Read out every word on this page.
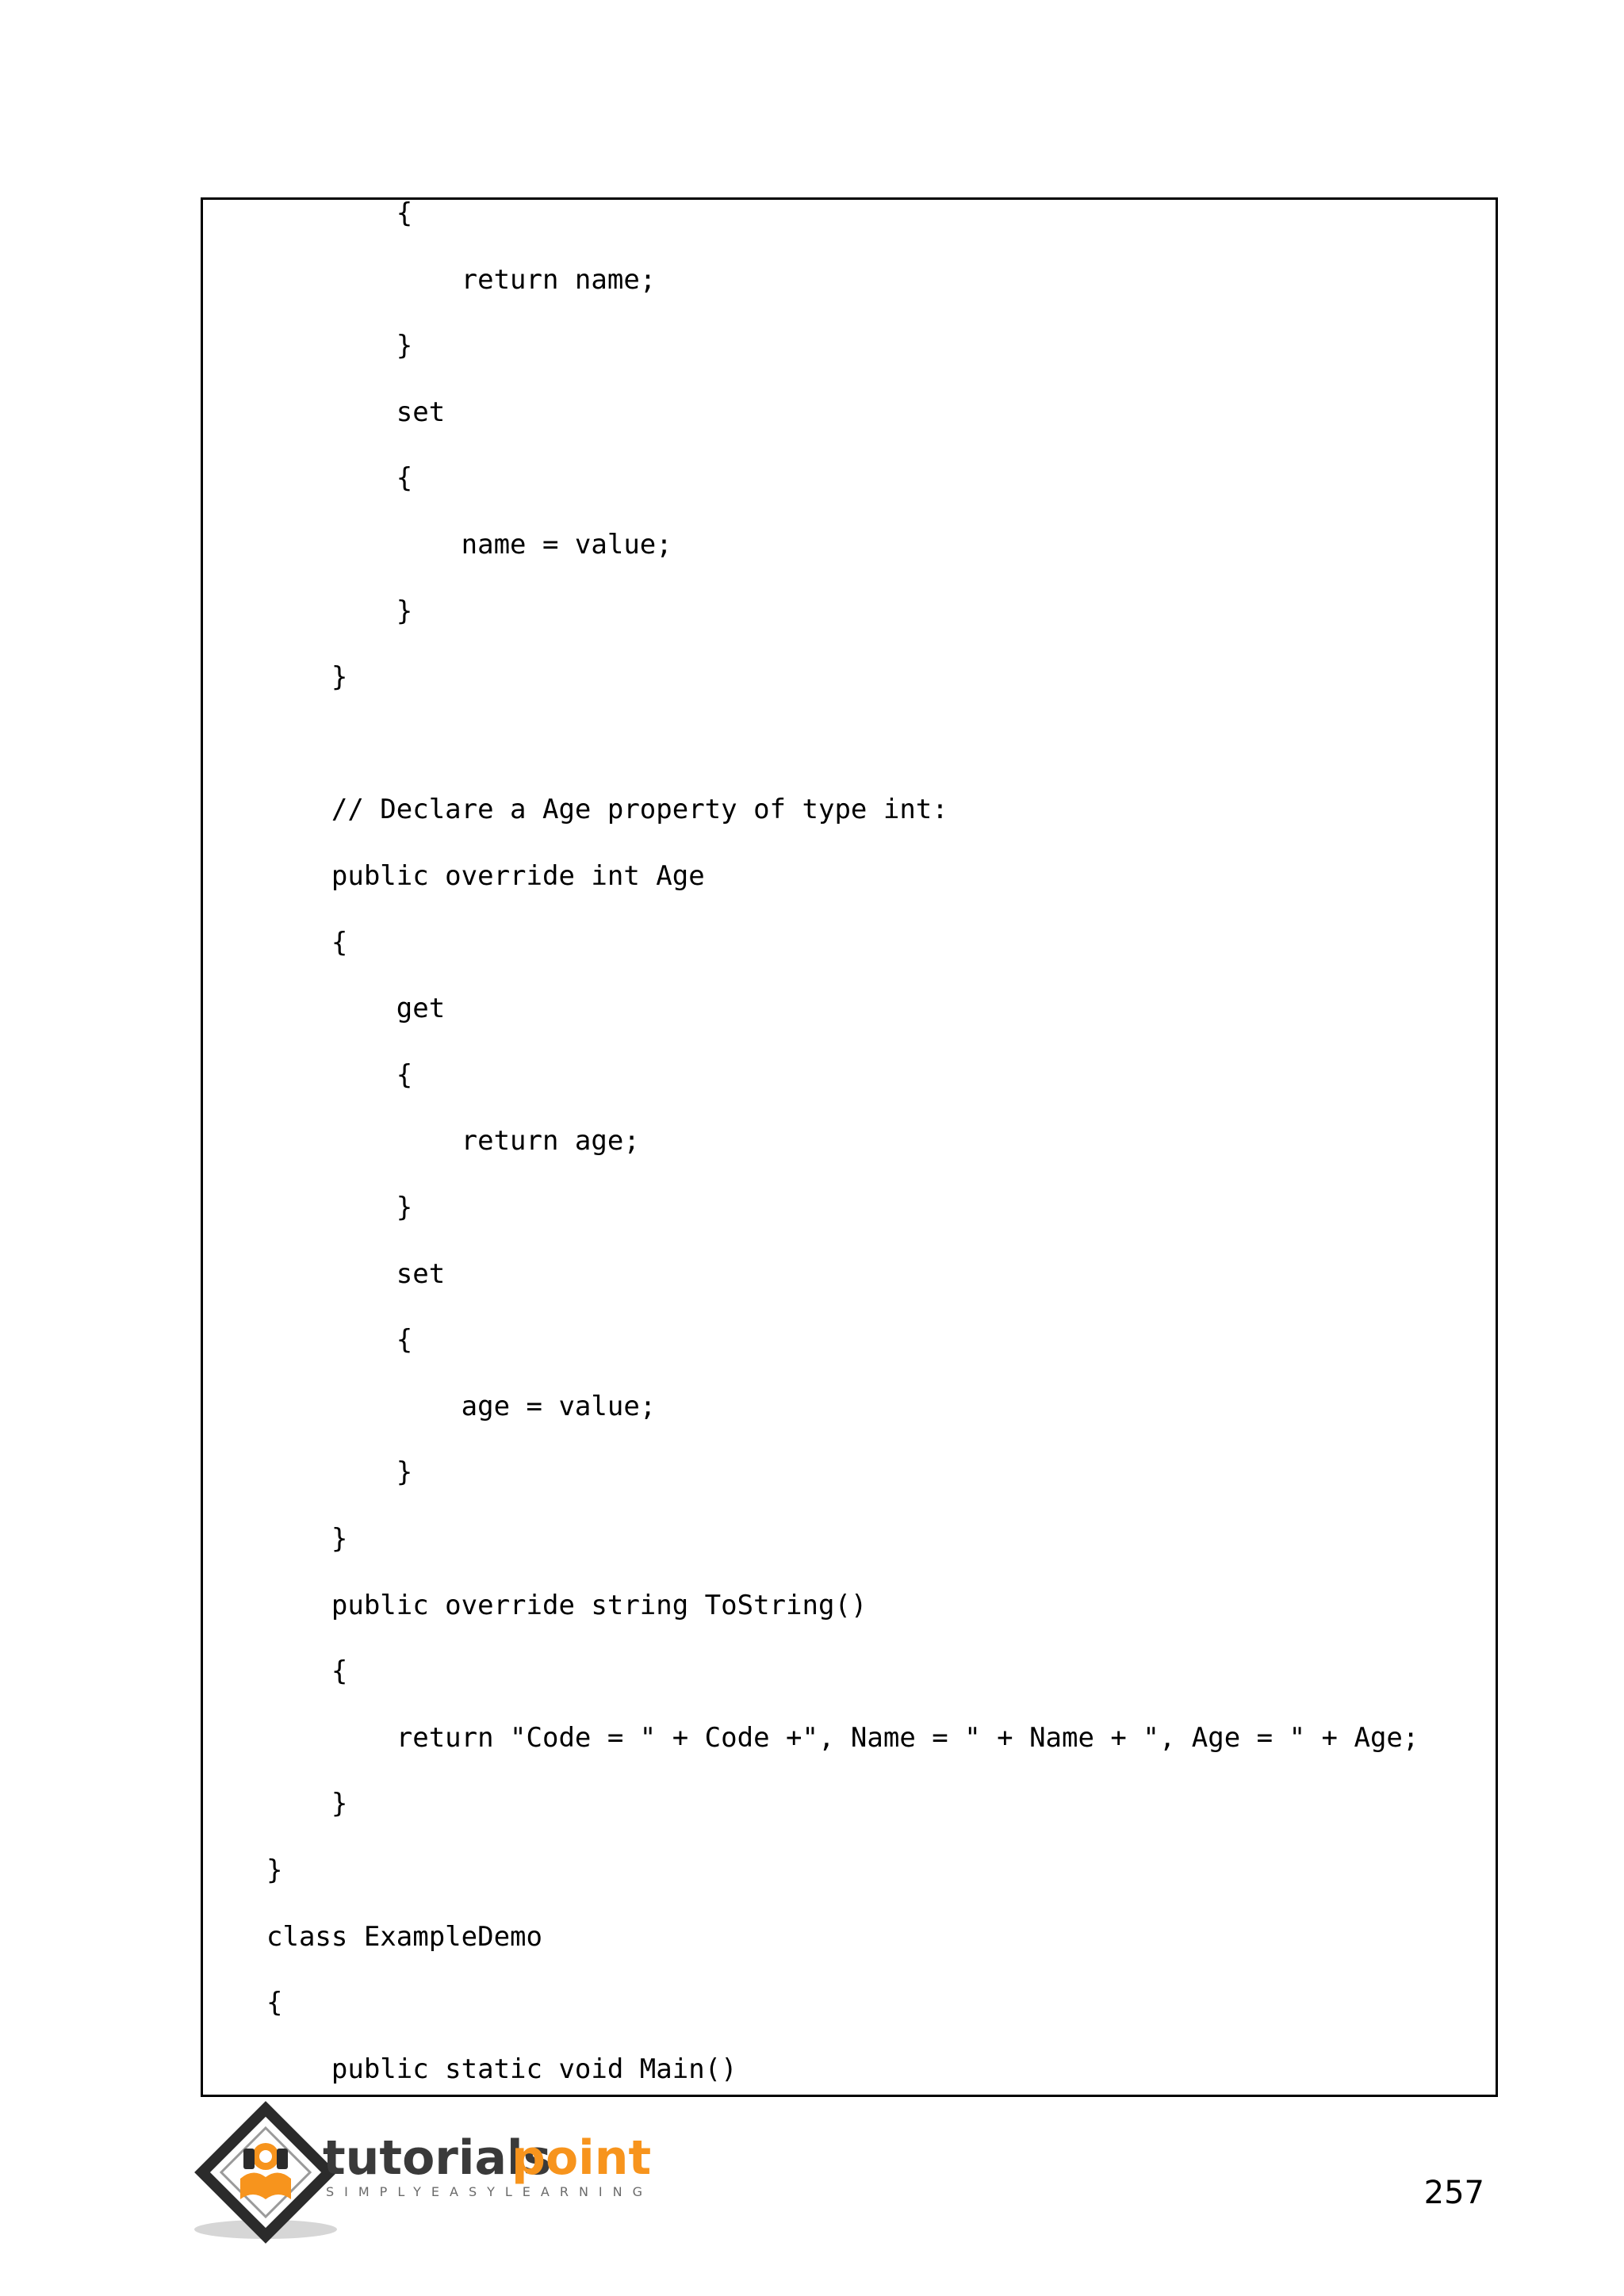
{
return name;
}
set
{
name = value;
}
}
// Declare a Age property of type int:
public override int Age
{
get
{
return age;
}
set
{
age = value;
}
}
public override string ToString()
{
return "Code = " + Code +", Name = " + Name + ", Age = " + Age;
}
}
class ExampleDemo
{
public static void Main()
tutorials
point
SIMPLYEASYLEARNING	257
